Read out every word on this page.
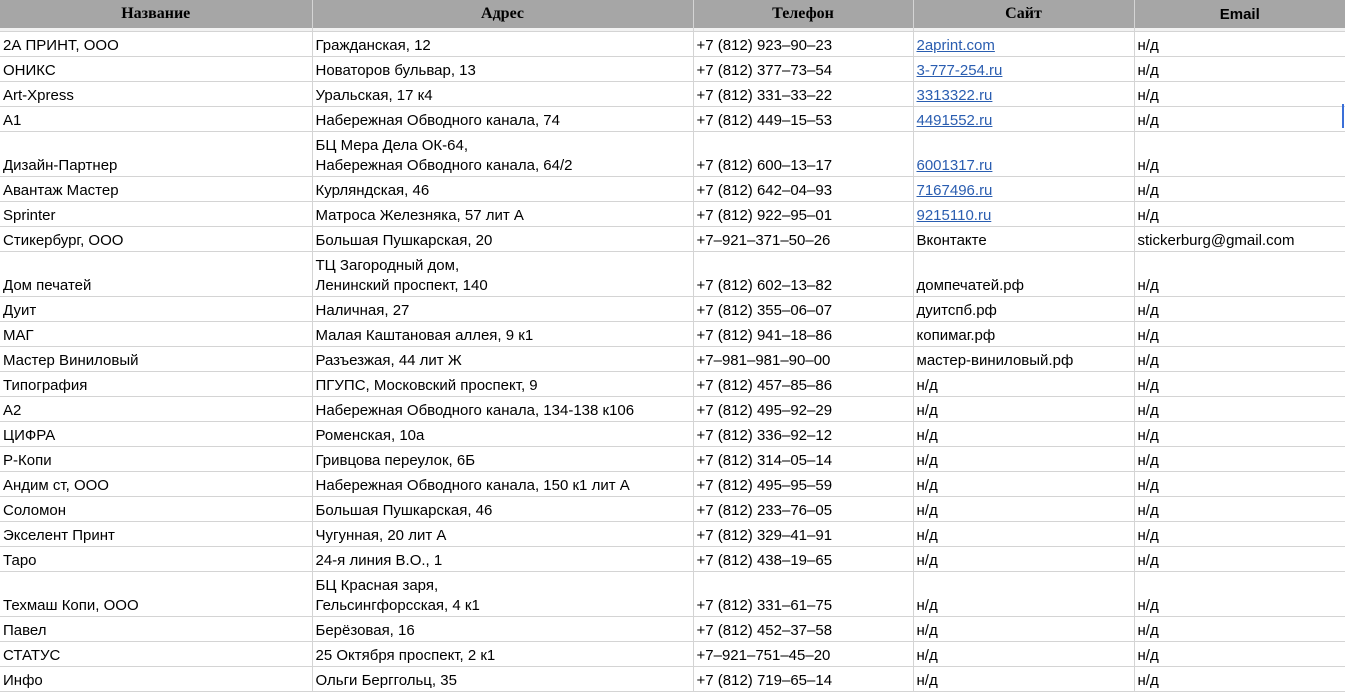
Название	Адрес	Телефон	Сайт	Email

2А ПРИНТ, ООО	Гражданская, 12	+7 (812) 923–90–23	2aprint.com	н/д
ОНИКС	Новаторов бульвар, 13	+7 (812) 377–73–54	3-777-254.ru	н/д
Art-Xpress	Уральская, 17 к4	+7 (812) 331–33–22	3313322.ru	н/д
А1	Набережная Обводного канала, 74	+7 (812) 449–15–53	4491552.ru	н/д
Дизайн-Партнер	БЦ Мера Дела ОК-64,
Набережная Обводного канала, 64/2	+7 (812) 600–13–17	6001317.ru	н/д
Авантаж Мастер	Курляндская, 46	+7 (812) 642–04–93	7167496.ru	н/д
Sprinter	Матроса Железняка, 57 лит А	+7 (812) 922–95–01	9215110.ru	н/д
Стикербург, ООО	Большая Пушкарская, 20	+7–921–371–50–26	Вконтакте	stickerburg@gmail.com
Дом печатей	ТЦ Загородный дом,
Ленинский проспект, 140	+7 (812) 602–13–82	домпечатей.рф	н/д
Дуит	Наличная, 27	+7 (812) 355–06–07	дуитспб.рф	н/д
МАГ	Малая Каштановая аллея, 9 к1	+7 (812) 941–18–86	копимаг.рф	н/д
Мастер Виниловый	Разъезжая, 44 лит Ж	+7–981–981–90–00	мастер-виниловый.рф	н/д
Типография	ПГУПС, Московский проспект, 9	+7 (812) 457–85–86	н/д	н/д
А2	Набережная Обводного канала, 134-138 к106	+7 (812) 495–92–29	н/д	н/д
ЦИФРА	Роменская, 10а	+7 (812) 336–92–12	н/д	н/д
Р-Копи	Гривцова переулок, 6Б	+7 (812) 314–05–14	н/д	н/д
Андим ст, ООО	Набережная Обводного канала, 150 к1 лит А	+7 (812) 495–95–59	н/д	н/д
Соломон	Большая Пушкарская, 46	+7 (812) 233–76–05	н/д	н/д
Экселент Принт	Чугунная, 20 лит А	+7 (812) 329–41–91	н/д	н/д
Таро	24-я линия В.О., 1	+7 (812) 438–19–65	н/д	н/д
Техмаш Копи, ООО	БЦ Красная заря,
Гельсингфорсская, 4 к1	+7 (812) 331–61–75	н/д	н/д
Павел	Берёзовая, 16	+7 (812) 452–37–58	н/д	н/д
СТАТУС	25 Октября проспект, 2 к1	+7–921–751–45–20	н/д	н/д
Инфо	Ольги Берггольц, 35	+7 (812) 719–65–14	н/д	н/д
